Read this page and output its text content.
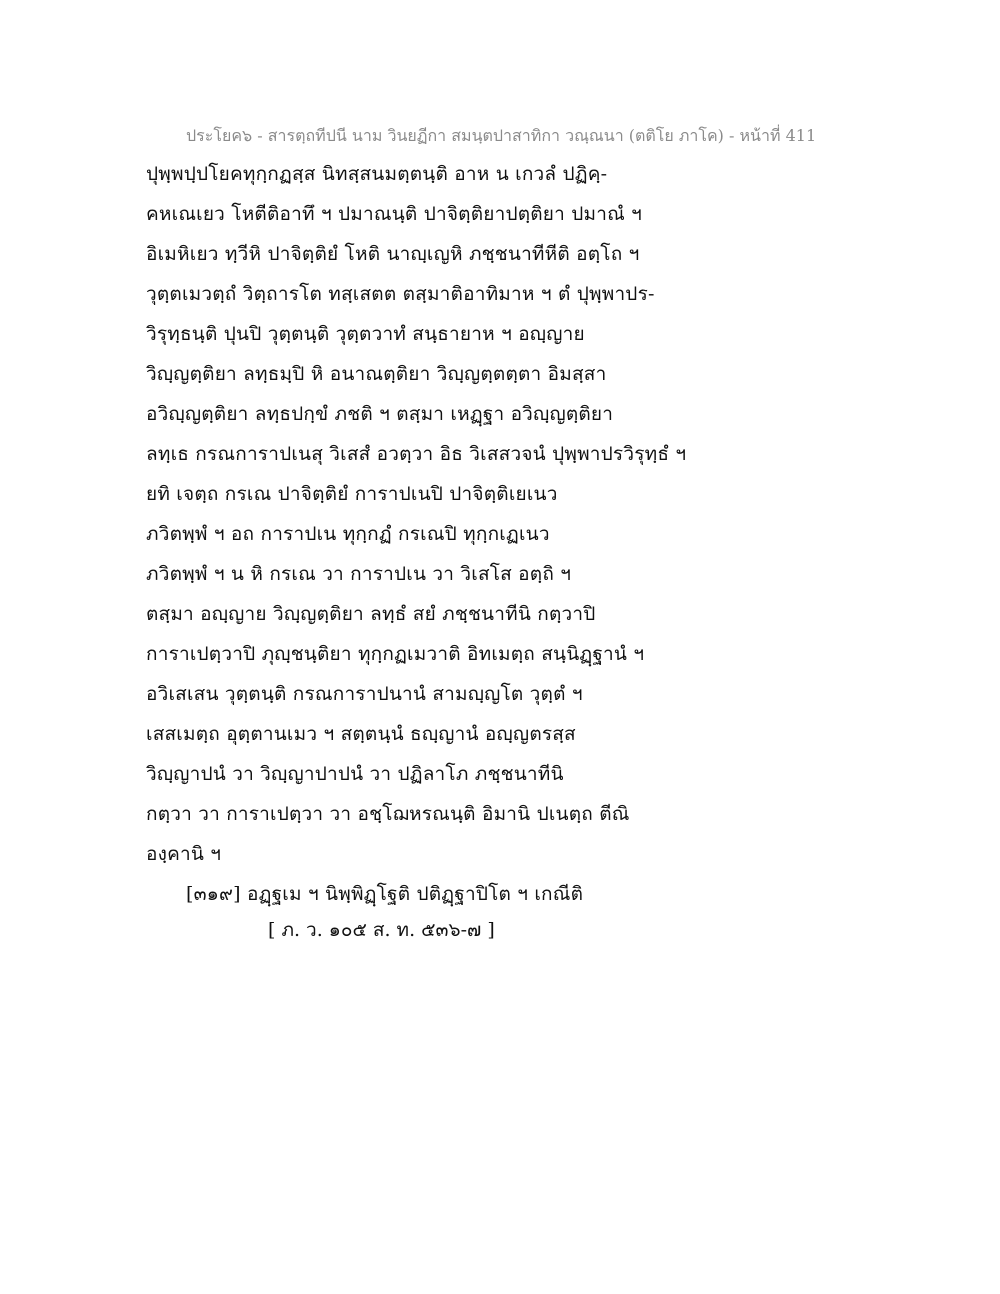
ประโยค๖ - สารตฺถทีปนี นาม วินยฏีกา สมนฺตปาสาทิกา วณฺณนา (ตติโย ภาโค) - หน้าที่ 411
ปุพฺพปฺปโยคทุกฺกฏสฺส นิทสฺสนมตฺตนฺติ อาห น เกวลํ ปฏิคฺ-
คหเณเยว โหตีติอาทึ ฯ ปมาณนฺติ ปาจิตฺติยาปตฺติยา ปมาณํ ฯ
อิเมหิเยว ทฺวีหิ ปาจิตฺติยํ โหติ นาญฺเญหิ ภชฺชนาทีหีติ อตฺโถ ฯ
วุตฺตเมวตฺถํ วิตฺถารโต ทสฺเสตต ตสฺมาติอาทิมาห ฯ ตํ ปุพฺพาปร-
วิรุทฺธนฺติ ปุนปิ วุตฺตนฺติ วุตฺตวาทํ สนฺธายาห ฯ อญฺญาย
วิญฺญตฺติยา ลทฺธมฺปิ หิ อนาณตฺติยา วิญฺญตฺตตฺตา อิมสฺสา
อวิญฺญตฺติยา ลทฺธปกฺขํ ภชติ ฯ ตสฺมา เหฏฺฐา อวิญฺญตฺติยา
ลทฺเธ กรณการาปเนสุ วิเสสํ อวตฺวา อิธ วิเสสวจนํ ปุพฺพาปรวิรุทฺธํ ฯ
ยทิ เจตฺถ กรเณ ปาจิตฺติยํ การาปเนปิ ปาจิตฺติเยเนว
ภวิตพฺพํ ฯ อถ การาปเน ทุกฺกฏํ กรเณปิ ทุกฺกเฏเนว
ภวิตพฺพํ ฯ น หิ กรเณ วา การาปเน วา วิเสโส อตฺถิ ฯ
ตสฺมา อญฺญาย วิญฺญตฺติยา ลทฺธํ สยํ ภชฺชนาทีนิ กตฺวาปิ
การาเปตฺวาปิ ภุญฺชนฺติยา ทุกฺกฏเมวาติ อิทเมตฺถ สนฺนิฏฺฐานํ ฯ
อวิเสเสน วุตฺตนฺติ กรณการาปนานํ สามญฺญโต วุตฺตํ ฯ
เสสเมตฺถ อุตฺตานเมว ฯ สตฺตนฺนํ ธญฺญานํ อญฺญตรสฺส
วิญฺญาปนํ วา วิญฺญาปาปนํ วา ปฏิลาโภ ภชฺชนาทีนิ
กตฺวา วา การาเปตฺวา วา อชฺโฌหรณนฺติ อิมานิ ปเนตฺถ ตีณิ
องฺคานิ ฯ
[๓๑๙] อฏฺฐเม ฯ นิพฺพิฏฺโฐติ ปติฏฺฐาปิโต ฯ เกณีติ
[ ภ. ว. ๑๐๕ ส. ท. ๕๓๖-๗ ]
